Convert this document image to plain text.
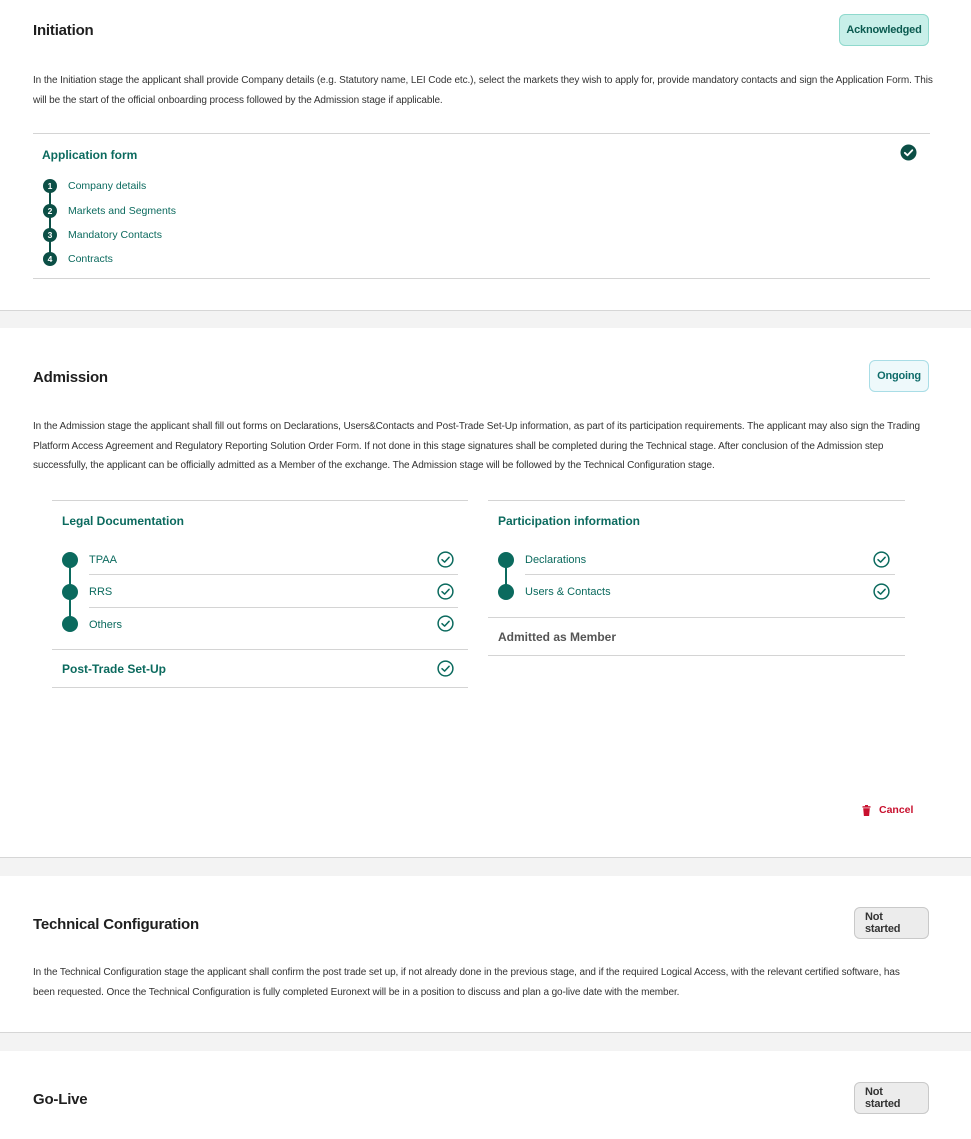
Initiation	Acknowledged

In the Initiation stage the applicant shall provide Company details (e.g. Statutory name, LEI Code etc.), select the markets they wish to apply for, provide mandatory contacts and sign the Application Form. This will be the start of the official onboarding process followed by the Admission stage if applicable.

Application form
1	Company details
2	Markets and Segments
3	Mandatory Contacts
4	Contracts
Admission	Ongoing

In the Admission stage the applicant shall fill out forms on Declarations, Users&Contacts and Post-Trade Set-Up information, as part of its participation requirements. The applicant may also sign the Trading Platform Access Agreement and Regulatory Reporting Solution Order Form. If not done in this stage signatures shall be completed during the Technical stage. After conclusion of the Admission step successfully, the applicant can be officially admitted as a Member of the exchange. The Admission stage will be followed by the Technical Configuration stage.

Legal Documentation
TPAA
RRS
Others
Post-Trade Set-Up
Participation information
Declarations
Users & Contacts
Admitted as Member
Cancel
Technical Configuration	Not started

In the Technical Configuration stage the applicant shall confirm the post trade set up, if not already done in the previous stage, and if the required Logical Access, with the relevant certified software, has been requested. Once the Technical Configuration is fully completed Euronext will be in a position to discuss and plan a go-live date with the member.

Go-Live	Not started
